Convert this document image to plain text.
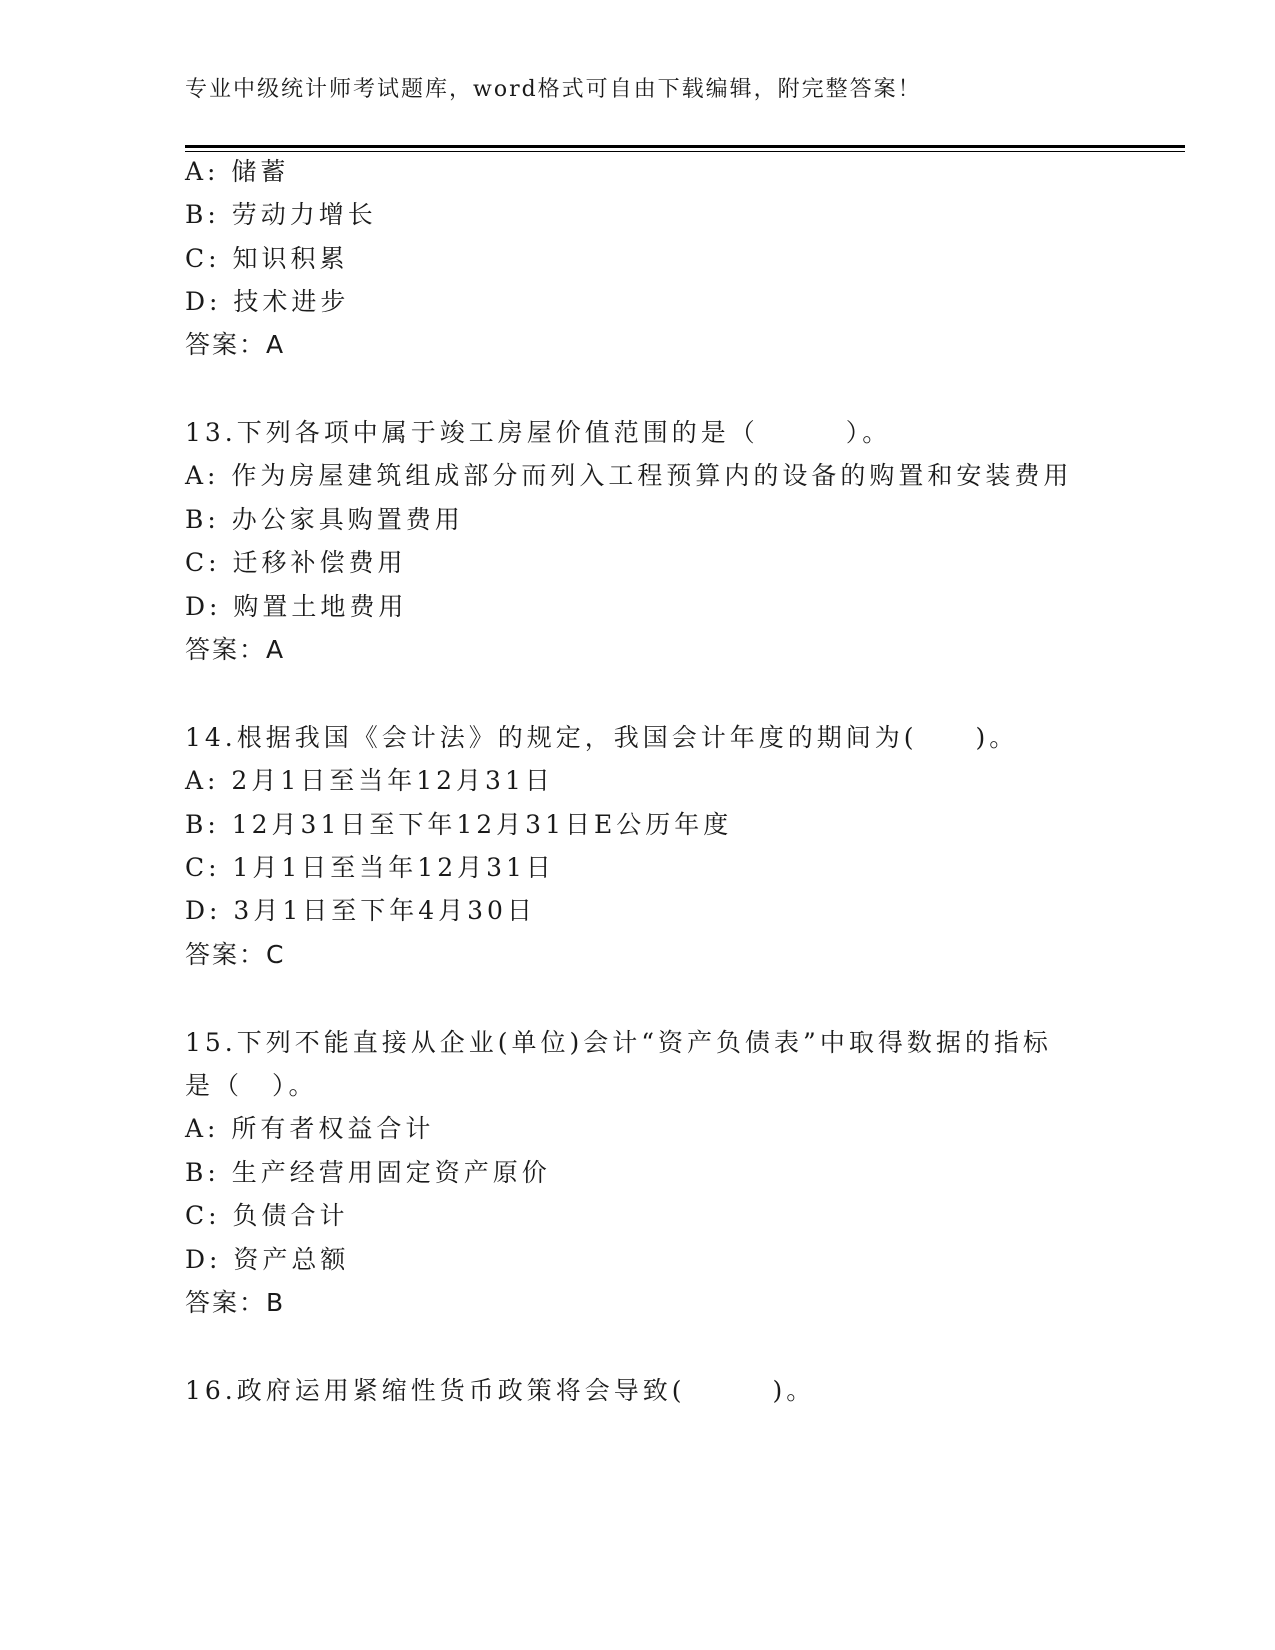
专业中级统计师考试题库，word格式可自由下载编辑，附完整答案！
A: 储蓄
B: 劳动力增长
C: 知识积累
D: 技术进步
答案：A
13.下列各项中属于竣工房屋价值范围的是（　　　）。
A: 作为房屋建筑组成部分而列入工程预算内的设备的购置和安装费用
B: 办公家具购置费用
C: 迁移补偿费用
D: 购置土地费用
答案：A
14.根据我国《会计法》的规定，我国会计年度的期间为(　　)。
A: 2月1日至当年12月31日
B: 12月31日至下年12月31日E公历年度
C: 1月1日至当年12月31日
D: 3月1日至下年4月30日
答案：C
15.下列不能直接从企业(单位)会计“资产负债表”中取得数据的指标
是（　）。
A: 所有者权益合计
B: 生产经营用固定资产原价
C: 负债合计
D: 资产总额
答案：B
16.政府运用紧缩性货币政策将会导致(　　　)。
